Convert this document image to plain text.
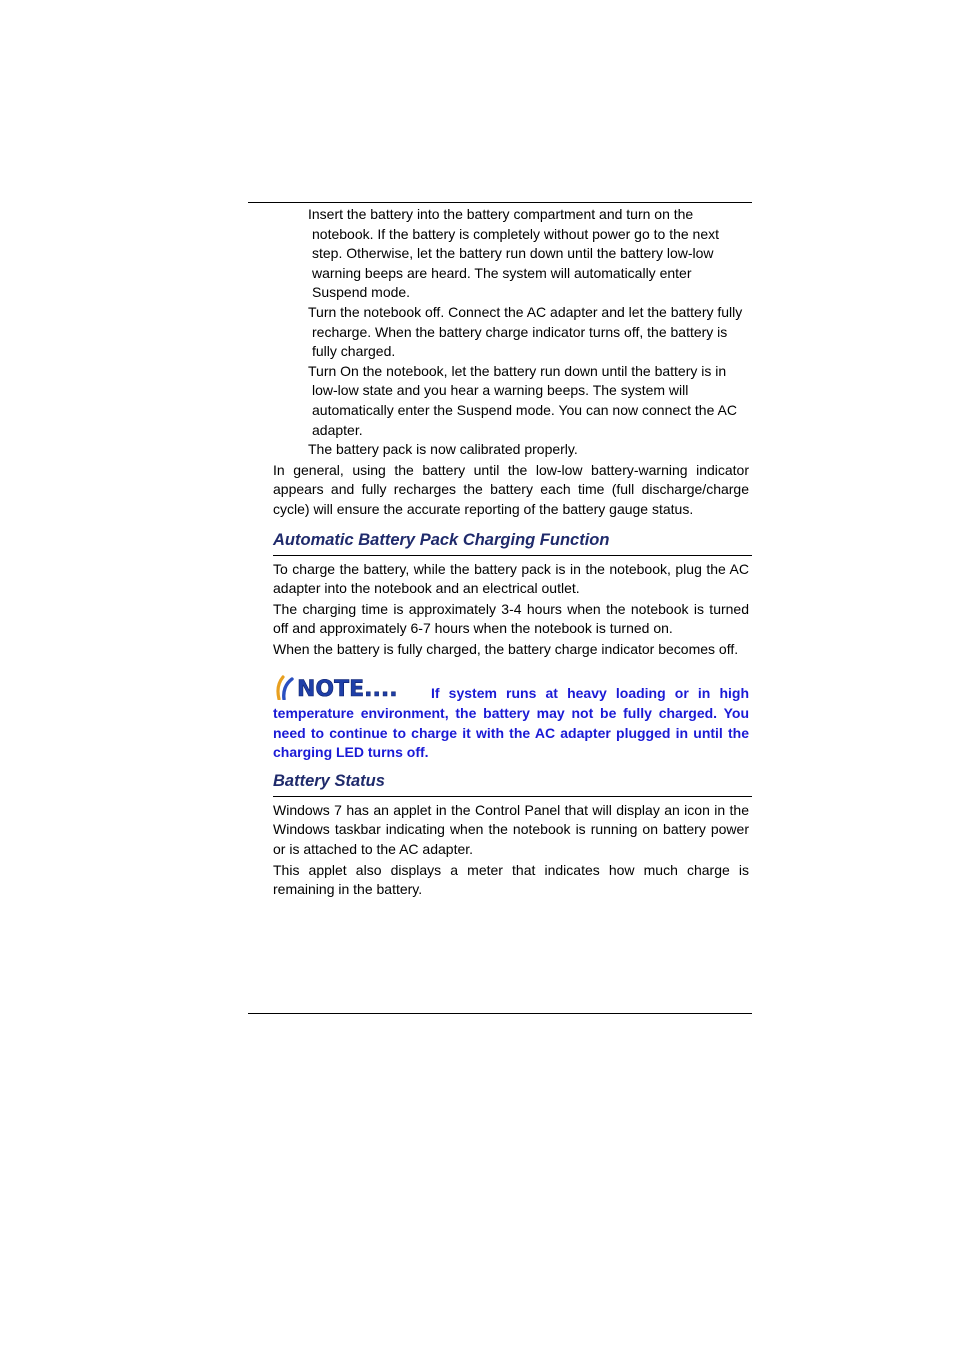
Insert the battery into the battery compartment and turn on the notebook. If the battery is completely without power go to the next step. Otherwise, let the battery run down until the battery low-low warning beeps are heard. The system will automatically enter Suspend mode.
Turn the notebook off. Connect the AC adapter and let the battery fully recharge. When the battery charge indicator turns off, the battery is fully charged.
Turn On the notebook, let the battery run down until the battery is in low-low state and you hear a warning beeps. The system will automatically enter the Suspend mode. You can now connect the AC adapter.
The battery pack is now calibrated properly.

In general, using the battery until the low-low battery-warning indicator appears and fully recharges the battery each time (full discharge/charge cycle) will ensure the accurate reporting of the battery gauge status.

Automatic Battery Pack Charging Function

To charge the battery, while the battery pack is in the notebook, plug the AC adapter into the notebook and an electrical outlet.

The charging time is approximately 3-4 hours when the notebook is turned off and approximately 6-7 hours when the notebook is turned on.

When the battery is fully charged, the battery charge indicator becomes off.

NOTE.... If system runs at heavy loading or in high temperature environment, the battery may not be fully charged. You need to continue to charge it with the AC adapter plugged in until the charging LED turns off.
Battery Status

Windows 7 has an applet in the Control Panel that will display an icon in the Windows taskbar indicating when the notebook is running on battery power or is attached to the AC adapter.

This applet also displays a meter that indicates how much charge is remaining in the battery.
